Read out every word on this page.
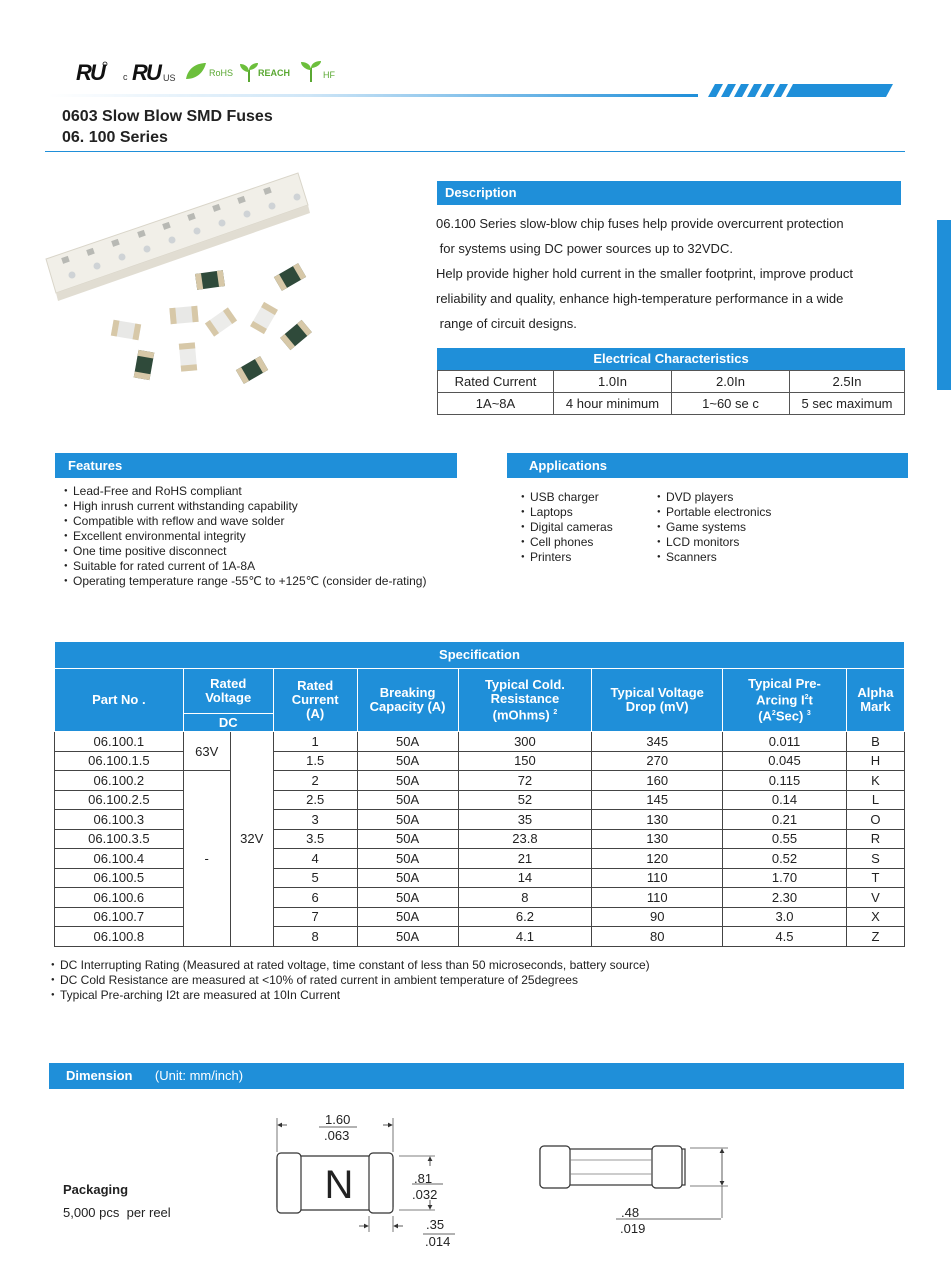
R
U c R
U US	RoHS	REACH	HF
0603 Slow Blow SMD Fuses
06. 100 Series
Description

06.100 Series slow-blow chip fuses help provide overcurrent protection

for systems using DC power sources up to 32VDC.

Help provide higher hold current in the smaller footprint, improve product

reliability and quality, enhance high-temperature performance in a wide

range of circuit designs.

Electrical Characteristics
Rated Current	1.0In	2.0In	2.5In
1A~8A	4 hour minimum	1~60 se c	5 sec maximum
Features
● Lead-Free and RoHS compliant
● High inrush current withstanding capability
● Compatible with reflow and wave solder
● Excellent environmental integrity
● One time positive disconnect
● Suitable for rated current of 1A-8A
● Operating temperature range -55℃ to +125℃ (consider de-rating)
Applications
● USB charger
● Laptops
● Digital cameras
● Cell phones
● Printers
● DVD players
● Portable electronics
● Game systems
● LCD monitors
● Scanners
Specification								
Part No .	Rated Voltage		Rated Current (A)	Breaking Capacity (A)	Typical Cold. Resistance (mOhms) $^2$	Typical Voltage Drop (mV)	Typical Pre-Arcing $I^2t$
$(A^2Sec)$ $^3$	Alpha Mark
	DC							
06.100.1	63V	32V	1	50A	300	345	0.011	B
06.100.1.5			1.5	50A	150	270	0.045	H
06.100.2	-		2	50A	72	160	0.115	K
06.100.2.5			2.5	50A	52	145	0.14	L
06.100.3			3	50A	35	130	0.21	O
06.100.3.5			3.5	50A	23.8	130	0.55	R
06.100.4			4	50A	21	120	0.52	S
06.100.5			5	50A	14	110	1.70	T
06.100.6			6	50A	8	110	2.30	V
06.100.7			7	50A	6.2	90	3.0	X
06.100.8			8	50A	4.1	80	4.5	Z
● DC Interrupting Rating (Measured at rated voltage, time constant of less than 50 microseconds, battery source)
● DC Cold Resistance are measured at <10% of rated current in ambient temperature of 25degrees
● Typical Pre-arching I2t are measured at 10In Current
Dimension (Unit: mm/inch)
Packaging
5,000 pcs  per reel
N
1.60
.063
.81
.032
.35
.014
.48
.019
